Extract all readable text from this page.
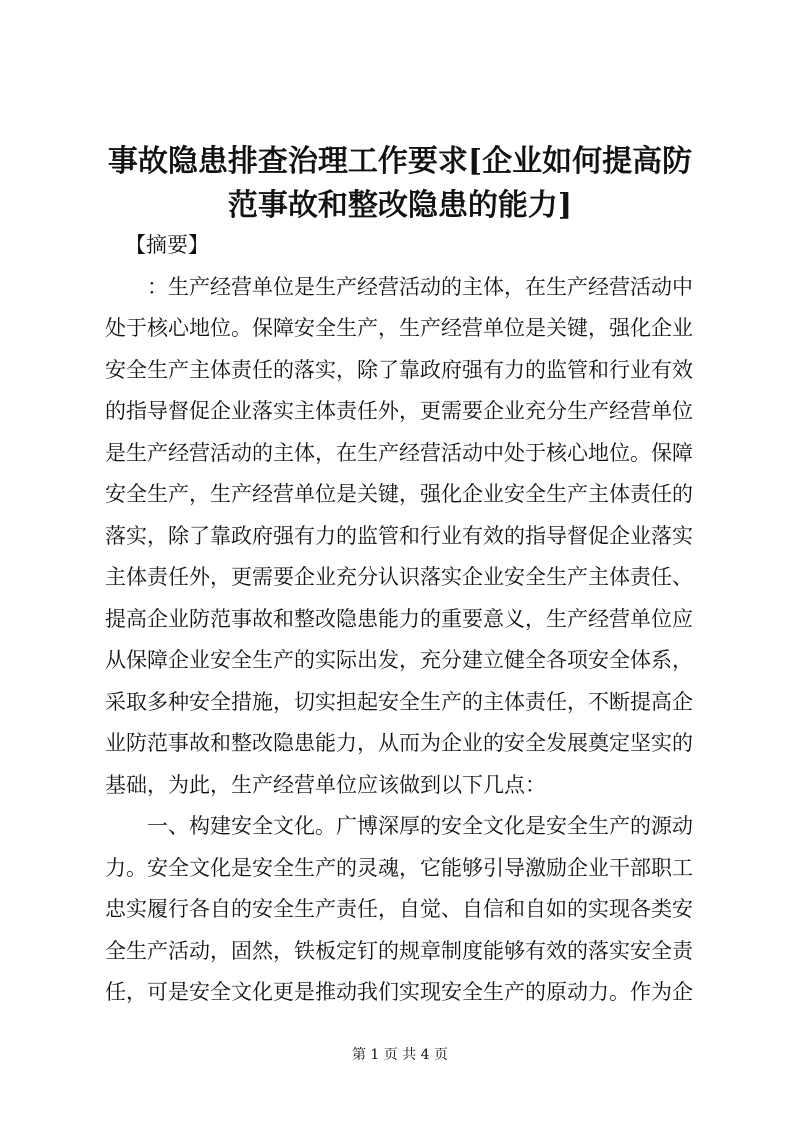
事故隐患排查治理工作要求[企业如何提高防
范事故和整改隐患的能力]

【摘要】

：生产经营单位是生产经营活动的主体，在生产经营活动中
处于核心地位。保障安全生产，生产经营单位是关键，强化企业
安全生产主体责任的落实，除了靠政府强有力的监管和行业有效
的指导督促企业落实主体责任外，更需要企业充分生产经营单位
是生产经营活动的主体，在生产经营活动中处于核心地位。保障
安全生产，生产经营单位是关键，强化企业安全生产主体责任的
落实，除了靠政府强有力的监管和行业有效的指导督促企业落实
主体责任外，更需要企业充分认识落实企业安全生产主体责任、
提高企业防范事故和整改隐患能力的重要意义，生产经营单位应
从保障企业安全生产的实际出发，充分建立健全各项安全体系，
采取多种安全措施，切实担起安全生产的主体责任，不断提高企
业防范事故和整改隐患能力，从而为企业的安全发展奠定坚实的
基础，为此，生产经营单位应该做到以下几点：
一、构建安全文化。广博深厚的安全文化是安全生产的源动
力。安全文化是安全生产的灵魂，它能够引导激励企业干部职工
忠实履行各自的安全生产责任，自觉、自信和自如的实现各类安
全生产活动，固然，铁板定钉的规章制度能够有效的落实安全责
任，可是安全文化更是推动我们实现安全生产的原动力。作为企
第 1 页 共 4 页
